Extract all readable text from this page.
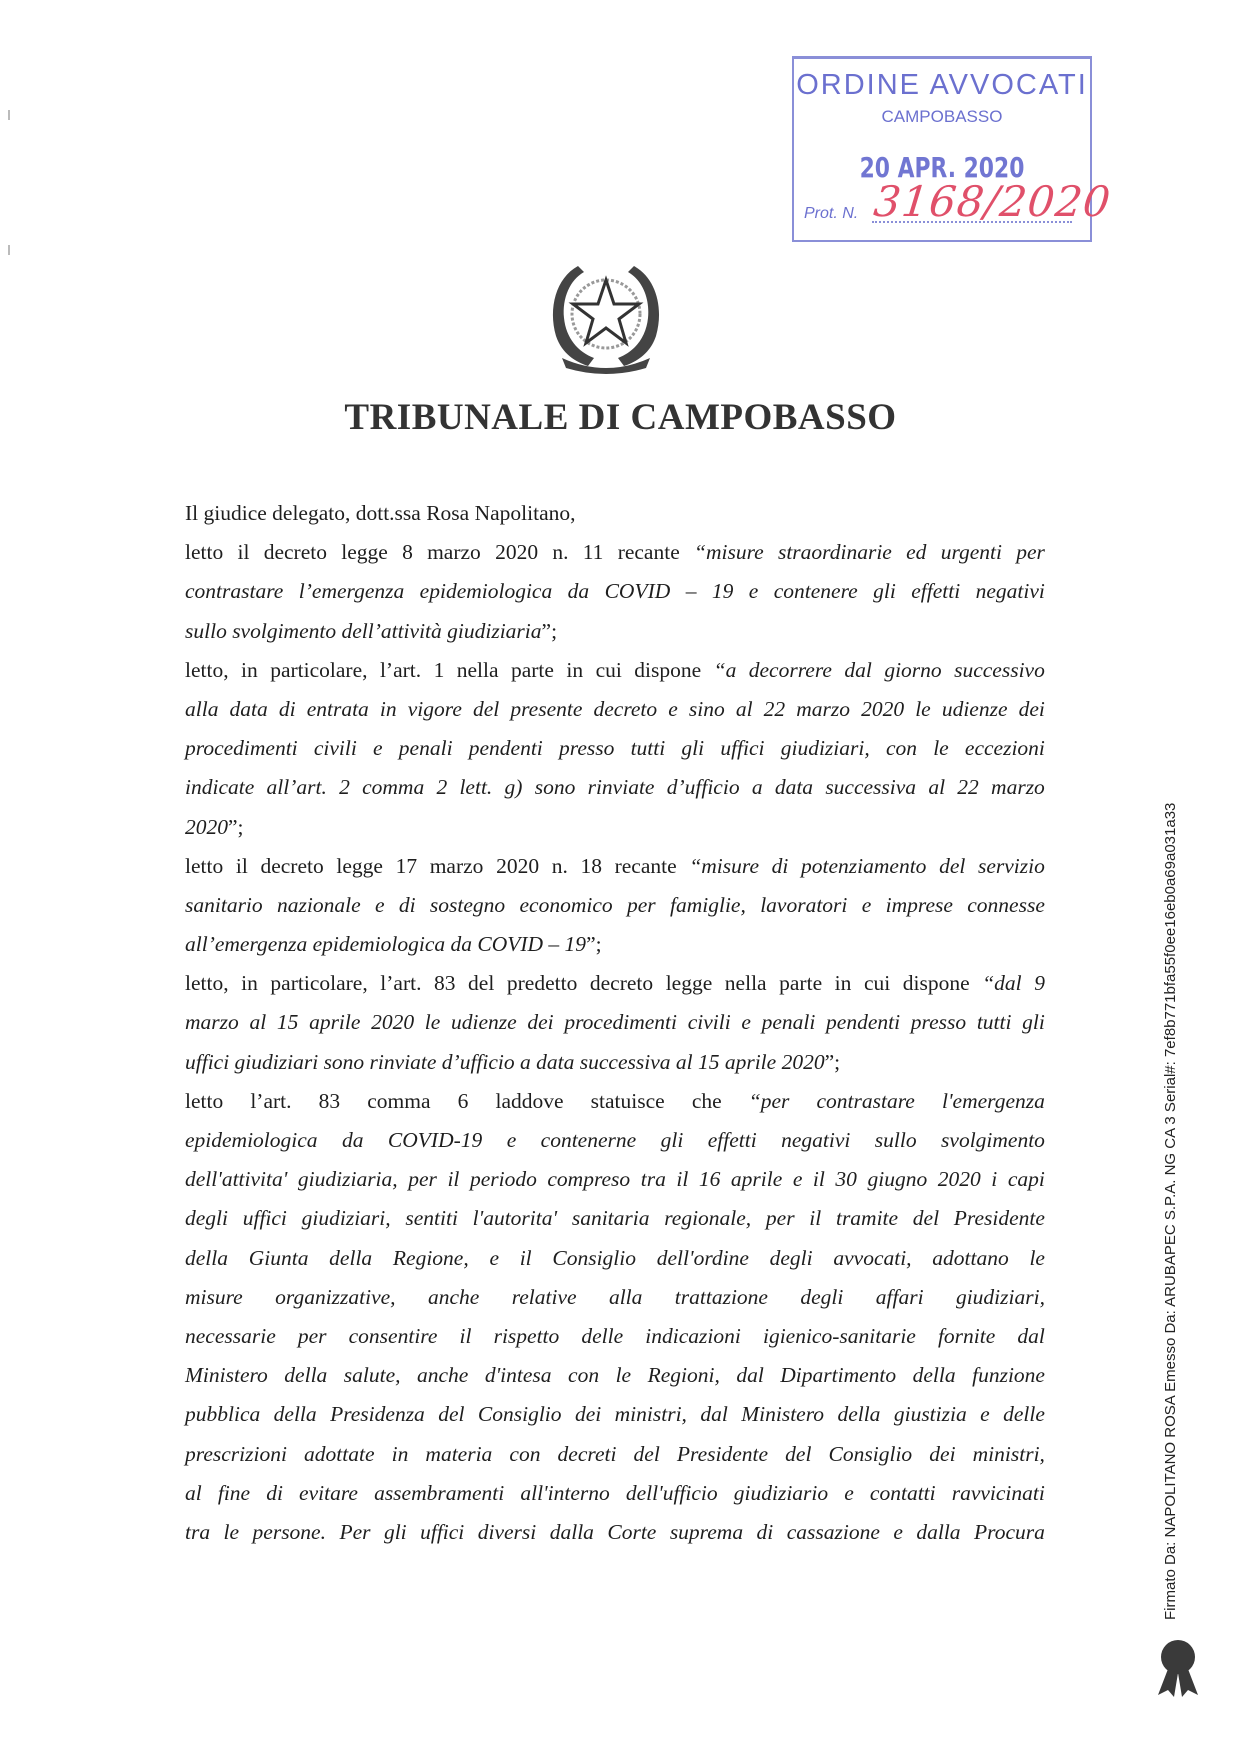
ORDINE AVVOCATI
CAMPOBASSO
20 APR. 2020
Prot. N. 3168/2020
TRIBUNALE DI CAMPOBASSO
Il giudice delegato, dott.ssa Rosa Napolitano,
letto il decreto legge 8 marzo 2020 n. 11 recante “misure straordinarie ed urgenti per
contrastare l’emergenza epidemiologica da COVID – 19 e contenere gli effetti negativi
sullo svolgimento dell’attività giudiziaria ”;
letto, in particolare, l’art. 1 nella parte in cui dispone “a decorrere dal giorno successivo
alla data di entrata in vigore del presente decreto e sino al 22 marzo 2020 le udienze dei
procedimenti civili e penali pendenti presso tutti gli uffici giudiziari, con le eccezioni
indicate all’art. 2 comma 2 lett. g) sono rinviate d’ufficio a data successiva al 22 marzo
2020 ”;
letto il decreto legge 17 marzo 2020 n. 18 recante “misure di potenziamento del servizio
sanitario nazionale e di sostegno economico per famiglie, lavoratori e imprese connesse
all’emergenza epidemiologica da COVID – 19 ”;
letto, in particolare, l’art. 83 del predetto decreto legge nella parte in cui dispone “dal 9
marzo al 15 aprile 2020 le udienze dei procedimenti civili e penali pendenti presso tutti gli
uffici giudiziari sono rinviate d’ufficio a data successiva al 15 aprile 2020 ”;
letto l’art. 83 comma 6 laddove statuisce che “per contrastare l'emergenza
epidemiologica da COVID-19 e contenerne gli effetti negativi sullo svolgimento
dell'attivita' giudiziaria, per il periodo compreso tra il 16 aprile e il 30 giugno 2020 i capi
degli uffici giudiziari, sentiti l'autorita' sanitaria regionale, per il tramite del Presidente
della Giunta della Regione, e il Consiglio dell'ordine degli avvocati, adottano le
misure organizzative, anche relative alla trattazione degli affari giudiziari,
necessarie per consentire il rispetto delle indicazioni igienico-sanitarie fornite dal
Ministero della salute, anche d'intesa con le Regioni, dal Dipartimento della funzione
pubblica della Presidenza del Consiglio dei ministri, dal Ministero della giustizia e delle
prescrizioni adottate in materia con decreti del Presidente del Consiglio dei ministri,
al fine di evitare assembramenti all'interno dell'ufficio giudiziario e contatti ravvicinati
tra le persone. Per gli uffici diversi dalla Corte suprema di cassazione e dalla Procura	Firmato Da: NAPOLITANO ROSA Emesso Da: ARUBAPEC S.P.A. NG CA 3 Serial#: 7ef8b771bfa55f0ee16eb0a69a031a33
